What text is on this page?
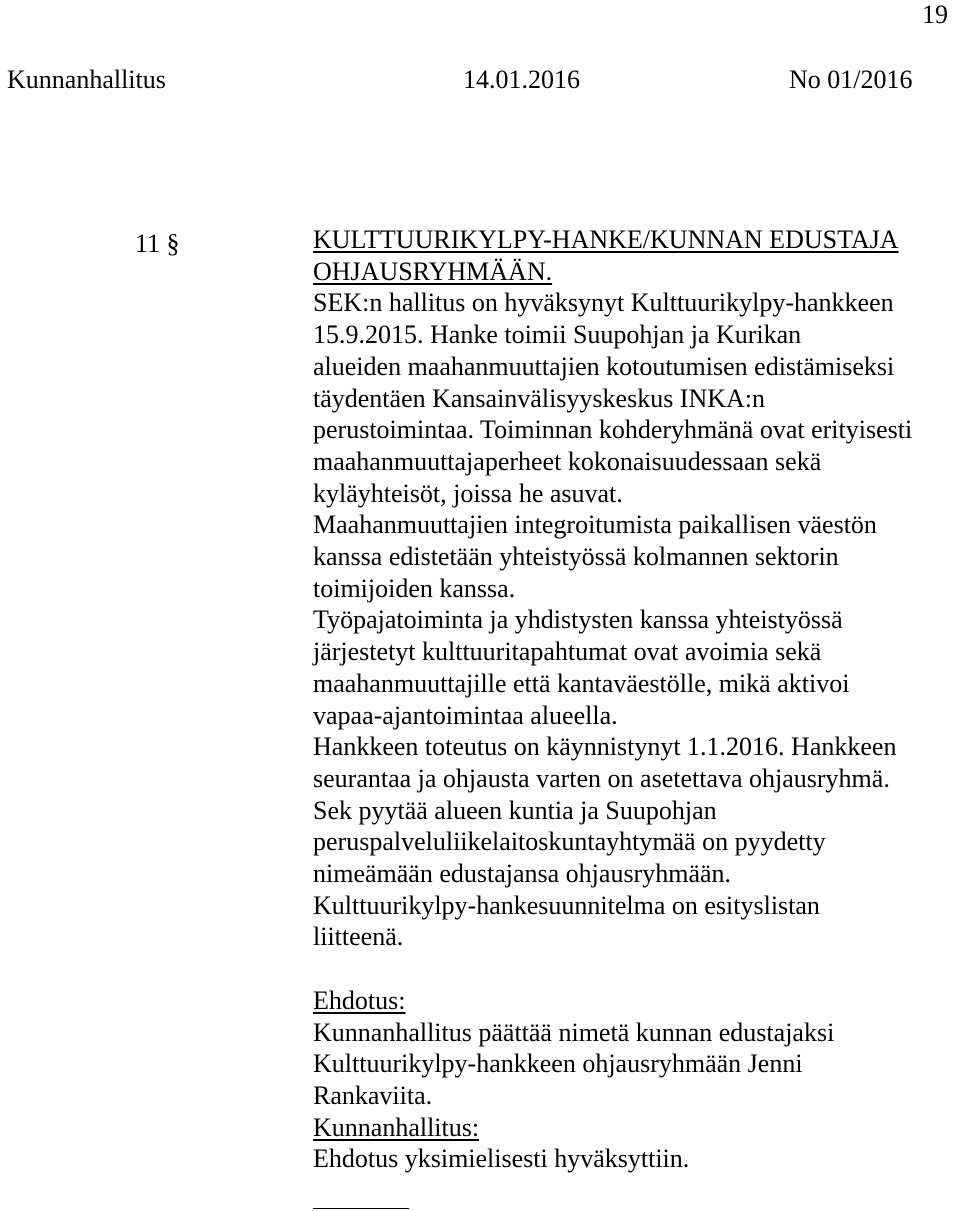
19
Kunnanhallitus	14.01.2016	No 01/2016
11 §	KULTTUURIKYLPY-HANKE/KUNNAN EDUSTAJA
OHJAUSRYHMÄÄN.
SEK:n hallitus on hyväksynyt Kulttuurikylpy-hankkeen
15.9.2015. Hanke toimii Suupohjan ja Kurikan
alueiden maahanmuuttajien kotoutumisen edistämiseksi
täydentäen Kansainvälisyyskeskus INKA:n
perustoimintaa. Toiminnan kohderyhmänä ovat erityisesti
maahanmuuttajaperheet kokonaisuudessaan sekä
kyläyhteisöt, joissa he asuvat.
Maahanmuuttajien integroitumista paikallisen väestön
kanssa edistetään yhteistyössä kolmannen sektorin
toimijoiden kanssa.
Työpajatoiminta ja yhdistysten kanssa yhteistyössä
järjestetyt kulttuuritapahtumat ovat avoimia sekä
maahanmuuttajille että kantaväestölle, mikä aktivoi
vapaa-ajantoimintaa alueella.
Hankkeen toteutus on käynnistynyt 1.1.2016. Hankkeen
seurantaa ja ohjausta varten on asetettava ohjausryhmä.
Sek pyytää alueen kuntia ja Suupohjan
peruspalveluliikelaitoskuntayhtymää on pyydetty
nimeämään edustajansa ohjausryhmään.
Kulttuurikylpy-hankesuunnitelma on esityslistan
liitteenä.
Ehdotus:
Kunnanhallitus päättää nimetä kunnan edustajaksi
Kulttuurikylpy-hankkeen ohjausryhmään Jenni
Rankaviita.
Kunnanhallitus:
Ehdotus yksimielisesti hyväksyttiin.
